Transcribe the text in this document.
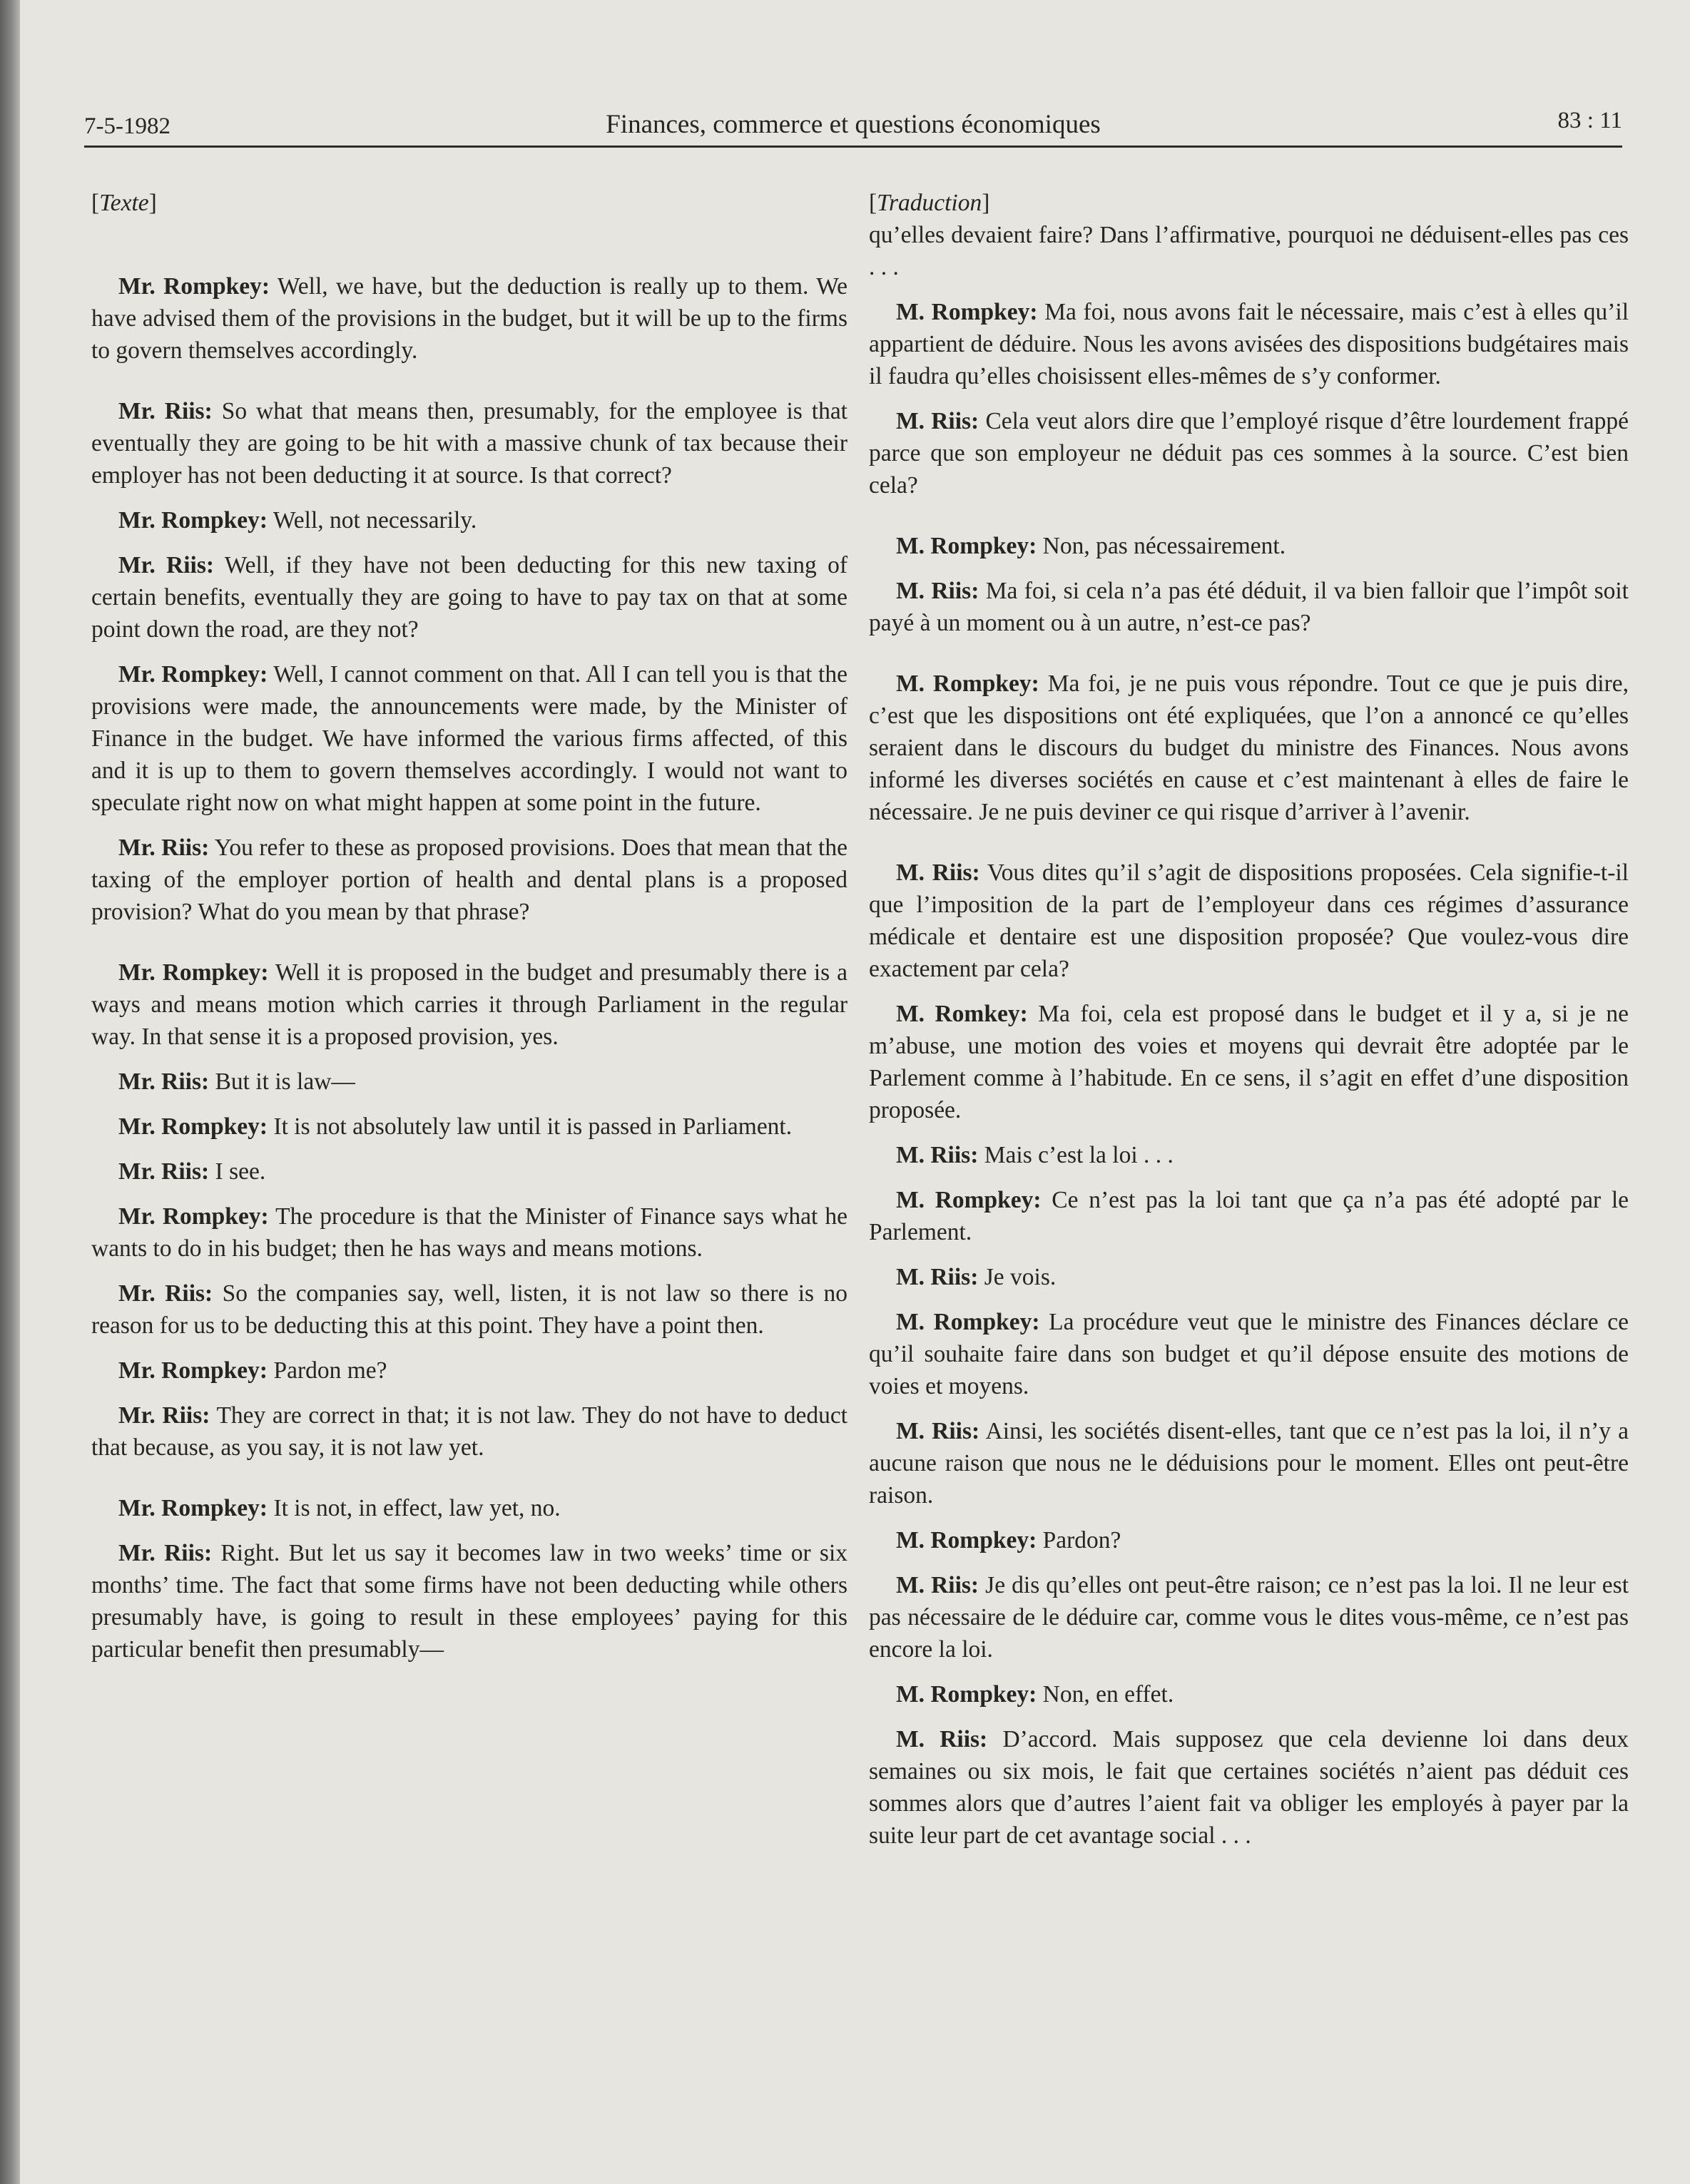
7-5-1982	Finances, commerce et questions économiques	83 : 11
[Texte]

Mr. Rompkey: Well, we have, but the deduction is really up to them. We have advised them of the provisions in the budget, but it will be up to the firms to govern themselves accordingly.

Mr. Riis: So what that means then, presumably, for the employee is that eventually they are going to be hit with a massive chunk of tax because their employer has not been deducting it at source. Is that correct?

Mr. Rompkey: Well, not necessarily.

Mr. Riis: Well, if they have not been deducting for this new taxing of certain benefits, eventually they are going to have to pay tax on that at some point down the road, are they not?

Mr. Rompkey: Well, I cannot comment on that. All I can tell you is that the provisions were made, the announcements were made, by the Minister of Finance in the budget. We have informed the various firms affected, of this and it is up to them to govern themselves accordingly. I would not want to speculate right now on what might happen at some point in the future.

Mr. Riis: You refer to these as proposed provisions. Does that mean that the taxing of the employer portion of health and dental plans is a proposed provision? What do you mean by that phrase?

Mr. Rompkey: Well it is proposed in the budget and presumably there is a ways and means motion which carries it through Parliament in the regular way. In that sense it is a proposed provision, yes.

Mr. Riis: But it is law—

Mr. Rompkey: It is not absolutely law until it is passed in Parliament.

Mr. Riis: I see.

Mr. Rompkey: The procedure is that the Minister of Finance says what he wants to do in his budget; then he has ways and means motions.

Mr. Riis: So the companies say, well, listen, it is not law so there is no reason for us to be deducting this at this point. They have a point then.

Mr. Rompkey: Pardon me?

Mr. Riis: They are correct in that; it is not law. They do not have to deduct that because, as you say, it is not law yet.

Mr. Rompkey: It is not, in effect, law yet, no.

Mr. Riis: Right. But let us say it becomes law in two weeks’ time or six months’ time. The fact that some firms have not been deducting while others presumably have, is going to result in these employees’ paying for this particular benefit then presumably—

[Traduction]

qu’elles devaient faire? Dans l’affirmative, pourquoi ne déduisent-elles pas ces . . .

M. Rompkey: Ma foi, nous avons fait le nécessaire, mais c’est à elles qu’il appartient de déduire. Nous les avons avisées des dispositions budgétaires mais il faudra qu’elles choisissent elles-mêmes de s’y conformer.

M. Riis: Cela veut alors dire que l’employé risque d’être lourdement frappé parce que son employeur ne déduit pas ces sommes à la source. C’est bien cela?

M. Rompkey: Non, pas nécessairement.

M. Riis: Ma foi, si cela n’a pas été déduit, il va bien falloir que l’impôt soit payé à un moment ou à un autre, n’est-ce pas?

M. Rompkey: Ma foi, je ne puis vous répondre. Tout ce que je puis dire, c’est que les dispositions ont été expliquées, que l’on a annoncé ce qu’elles seraient dans le discours du budget du ministre des Finances. Nous avons informé les diverses sociétés en cause et c’est maintenant à elles de faire le nécessaire. Je ne puis deviner ce qui risque d’arriver à l’avenir.

M. Riis: Vous dites qu’il s’agit de dispositions proposées. Cela signifie-t-il que l’imposition de la part de l’employeur dans ces régimes d’assurance médicale et dentaire est une disposition proposée? Que voulez-vous dire exactement par cela?

M. Romkey: Ma foi, cela est proposé dans le budget et il y a, si je ne m’abuse, une motion des voies et moyens qui devrait être adoptée par le Parlement comme à l’habitude. En ce sens, il s’agit en effet d’une disposition proposée.

M. Riis: Mais c’est la loi . . .

M. Rompkey: Ce n’est pas la loi tant que ça n’a pas été adopté par le Parlement.

M. Riis: Je vois.

M. Rompkey: La procédure veut que le ministre des Finances déclare ce qu’il souhaite faire dans son budget et qu’il dépose ensuite des motions de voies et moyens.

M. Riis: Ainsi, les sociétés disent-elles, tant que ce n’est pas la loi, il n’y a aucune raison que nous ne le déduisions pour le moment. Elles ont peut-être raison.

M. Rompkey: Pardon?

M. Riis: Je dis qu’elles ont peut-être raison; ce n’est pas la loi. Il ne leur est pas nécessaire de le déduire car, comme vous le dites vous-même, ce n’est pas encore la loi.

M. Rompkey: Non, en effet.

M. Riis: D’accord. Mais supposez que cela devienne loi dans deux semaines ou six mois, le fait que certaines sociétés n’aient pas déduit ces sommes alors que d’autres l’aient fait va obliger les employés à payer par la suite leur part de cet avantage social . . .
